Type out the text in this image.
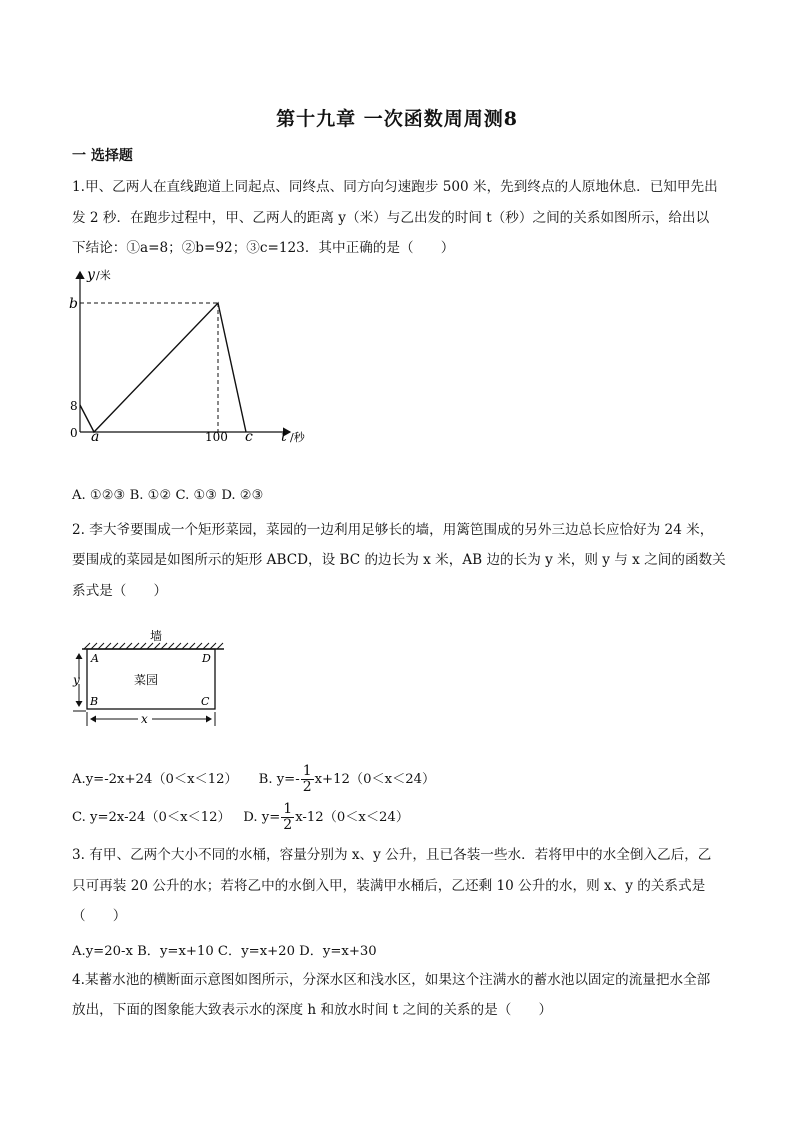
第十九章 一次函数周周测8
一 选择题
1.甲、乙两人在直线跑道上同起点、同终点、同方向匀速跑步 500 米，先到终点的人原地休息．已知甲先出
发 2 秒．在跑步过程中，甲、乙两人的距离 y（米）与乙出发的时间 t（秒）之间的关系如图所示，给出以
下结论：①a=8；②b=92；③c=123．其中正确的是（　　）
y /米
b
8
0 a	100 c t /秒
A. ①②③ B. ①② C. ①③ D. ②③
2. 李大爷要围成一个矩形菜园，菜园的一边利用足够长的墙，用篱笆围成的另外三边总长应恰好为 24 米，
要围成的菜园是如图所示的矩形 ABCD，设 BC 的边长为 x 米，AB 边的长为 y 米，则 y 与 x 之间的函数关
系式是（　　）
墙
菜园
A	D
B	C
y
x
A.y=-2x+24（0＜x＜12） B. $y=- \frac{1}{2} x+12(0<x<24)$
C. y=2x-24（0＜x＜12） D. $y= \frac{1}{2} x-12(0<x<24)$
3. 有甲、乙两个大小不同的水桶，容量分别为 x、y 公升，且已各装一些水．若将甲中的水全倒入乙后，乙
只可再装 20 公升的水；若将乙中的水倒入甲，装满甲水桶后，乙还剩 10 公升的水，则 x、y 的关系式是
（　　）
A.y=20-x B．y=x+10 C．y=x+20 D．y=x+30
4.某蓄水池的横断面示意图如图所示，分深水区和浅水区，如果这个注满水的蓄水池以固定的流量把水全部
放出，下面的图象能大致表示水的深度 h 和放水时间 t 之间的关系的是（　　）
